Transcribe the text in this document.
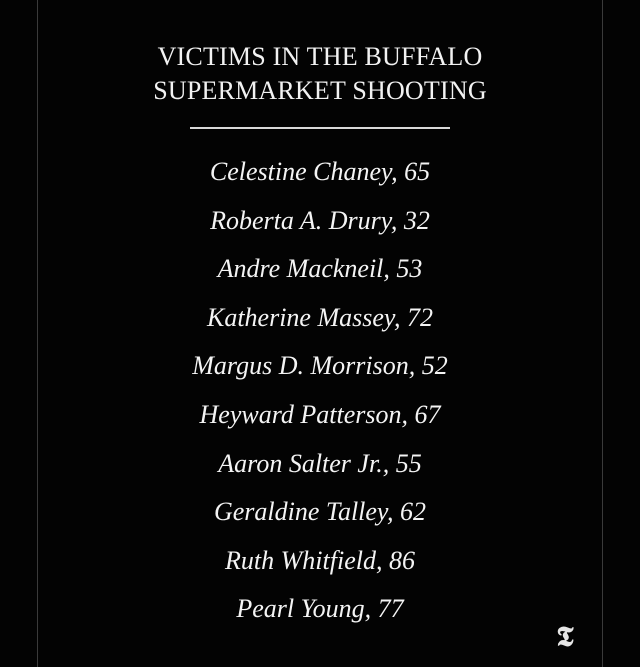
VICTIMS IN THE BUFFALO
SUPERMARKET SHOOTING
Celestine Chaney, 65
Roberta A. Drury, 32
Andre Mackneil, 53
Katherine Massey, 72
Margus D. Morrison, 52
Heyward Patterson, 67
Aaron Salter Jr., 55
Geraldine Talley, 62
Ruth Whitfield, 86
Pearl Young, 77
𝕿
